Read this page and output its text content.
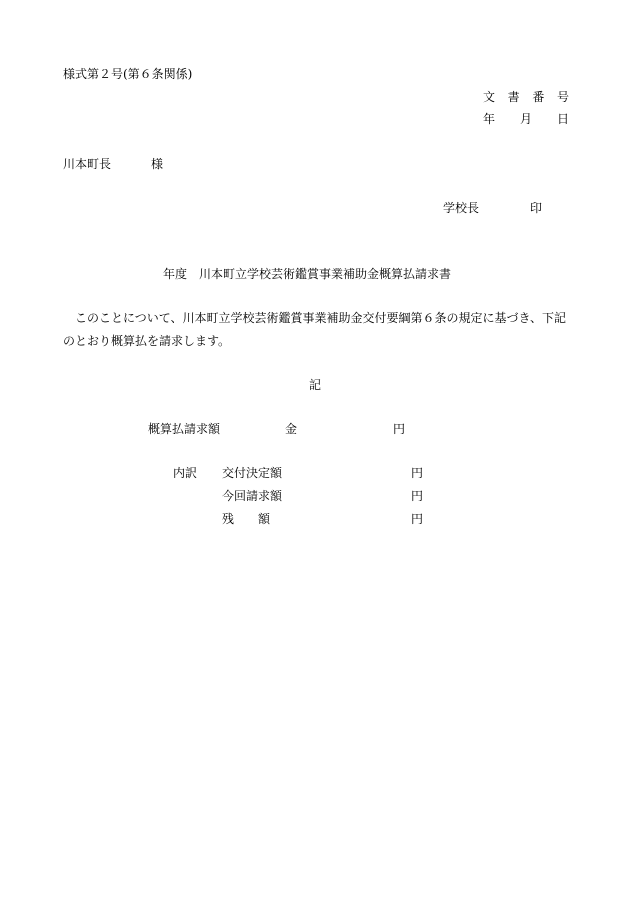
様式第２号(第６条関係)
文 書 番 号
年 月 日
川本町長	様
学校長	印
年度　川本町立学校芸術鑑賞事業補助金概算払請求書
このことについて、川本町立学校芸術鑑賞事業補助金交付要綱第６条の規定に基づき、下記のとおり概算払を請求します。
記
概算払請求額	金	円
内訳 交付決定額	円
今回請求額	円
残　　額	円
